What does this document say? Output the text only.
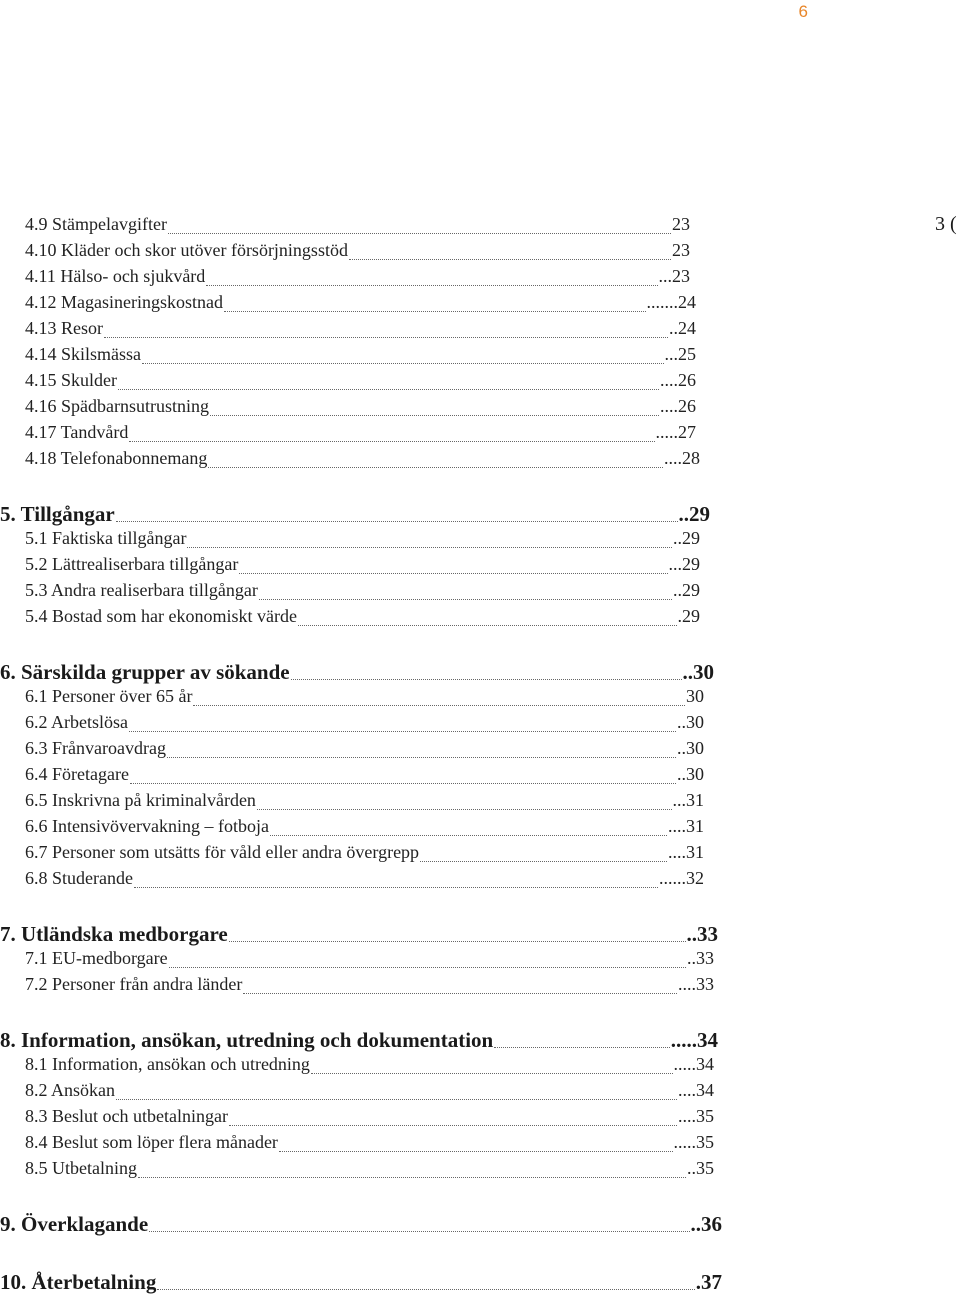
6
3 (
4.9 Stämpelavgifter	23
4.10 Kläder och skor utöver försörjningsstöd	23
4.11 Hälso- och sjukvård	...23
4.12 Magasineringskostnad	.......24
4.13 Resor	..24
4.14 Skilsmässa	...25
4.15 Skulder	....26
4.16 Spädbarnsutrustning	....26
4.17 Tandvård	.....27
4.18 Telefonabonnemang	....28
5. Tillgångar	..29
5.1 Faktiska tillgångar	..29
5.2 Lättrealiserbara tillgångar	...29
5.3 Andra realiserbara tillgångar	..29
5.4 Bostad som har ekonomiskt värde	.29
6. Särskilda grupper av sökande	..30
6.1 Personer över 65 år	30
6.2 Arbetslösa	..30
6.3 Frånvaroavdrag	..30
6.4 Företagare	..30
6.5 Inskrivna på kriminalvården	...31
6.6 Intensivövervakning – fotboja	....31
6.7 Personer som utsätts för våld eller andra övergrepp	....31
6.8 Studerande	......32
7. Utländska medborgare	..33
7.1 EU-medborgare	..33
7.2 Personer från andra länder	....33
8. Information, ansökan, utredning och dokumentation	.....34
8.1 Information, ansökan och utredning	.....34
8.2 Ansökan	....34
8.3 Beslut och utbetalningar	....35
8.4 Beslut som löper flera månader	.....35
8.5 Utbetalning	..35
9. Överklagande	..36
10. Återbetalning	.37
